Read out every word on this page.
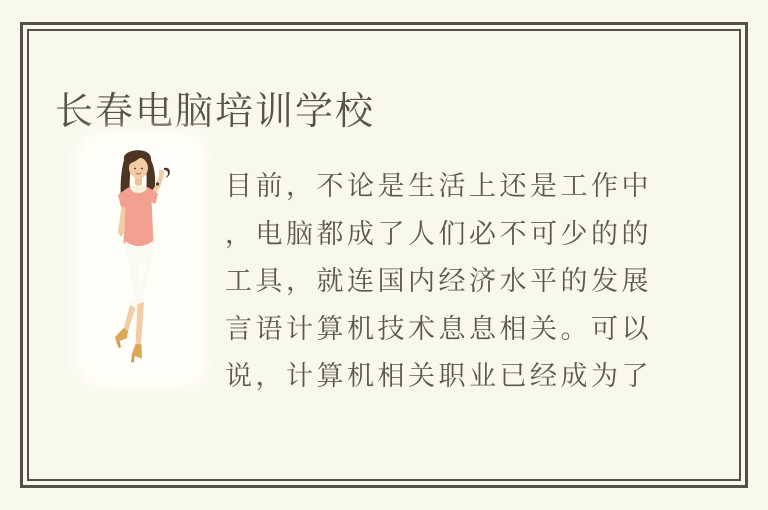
长春电脑培训学校
目前，不论是生活上还是工作中
，电脑都成了人们必不可少的的
工具，就连国内经济水平的发展
言语计算机技术息息相关。可以
说，计算机相关职业已经成为了
